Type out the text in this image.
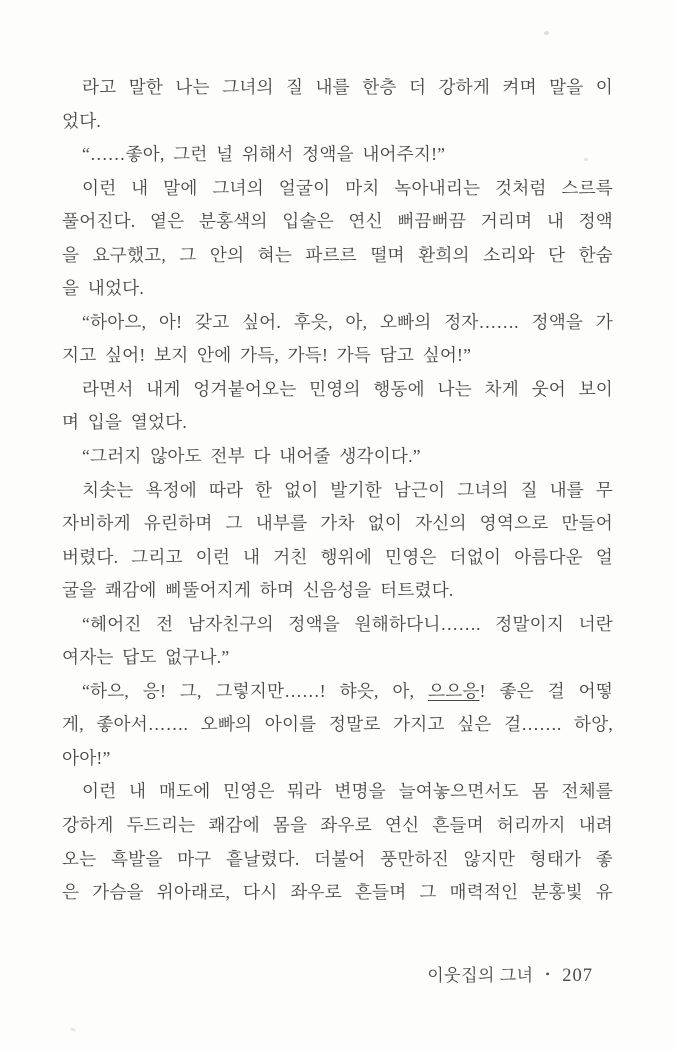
라고 말한 나는 그녀의 질 내를 한층 더 강하게 켜며 말을 이
었다.
“……좋아, 그런 널 위해서 정액을 내어주지!”
이런 내 말에 그녀의 얼굴이 마치 녹아내리는 것처럼 스르륵
풀어진다. 옅은 분홍색의 입술은 연신 뻐끔뻐끔 거리며 내 정액
을 요구했고, 그 안의 혀는 파르르 떨며 환희의 소리와 단 한숨
을 내었다.
“하아으, 아! 갖고 싶어. 후읏, 아, 오빠의 정자……. 정액을 가
지고 싶어! 보지 안에 가득, 가득! 가득 담고 싶어!”
라면서 내게 엉겨붙어오는 민영의 행동에 나는 차게 웃어 보이
며 입을 열었다.
“그러지 않아도 전부 다 내어줄 생각이다.”
치솟는 욕정에 따라 한 없이 발기한 남근이 그녀의 질 내를 무
자비하게 유린하며 그 내부를 가차 없이 자신의 영역으로 만들어
버렸다. 그리고 이런 내 거친 행위에 민영은 더없이 아름다운 얼
굴을 쾌감에 삐뚤어지게 하며 신음성을 터트렸다.
“헤어진 전 남자친구의 정액을 원해하다니……. 정말이지 너란
여자는 답도 없구나.”
“하으, 응! 그, 그렇지만……! 햐읏, 아, 으으응! 좋은 걸 어떻
게, 좋아서……. 오빠의 아이를 정말로 가지고 싶은 걸……. 하앙,
아아!”
이런 내 매도에 민영은 뭐라 변명을 늘여놓으면서도 몸 전체를
강하게 두드리는 쾌감에 몸을 좌우로 연신 흔들며 허리까지 내려
오는 흑발을 마구 흩날렸다. 더불어 풍만하진 않지만 형태가 좋
은 가슴을 위아래로, 다시 좌우로 흔들며 그 매력적인 분홍빛 유
이웃집의 그녀 • 207
